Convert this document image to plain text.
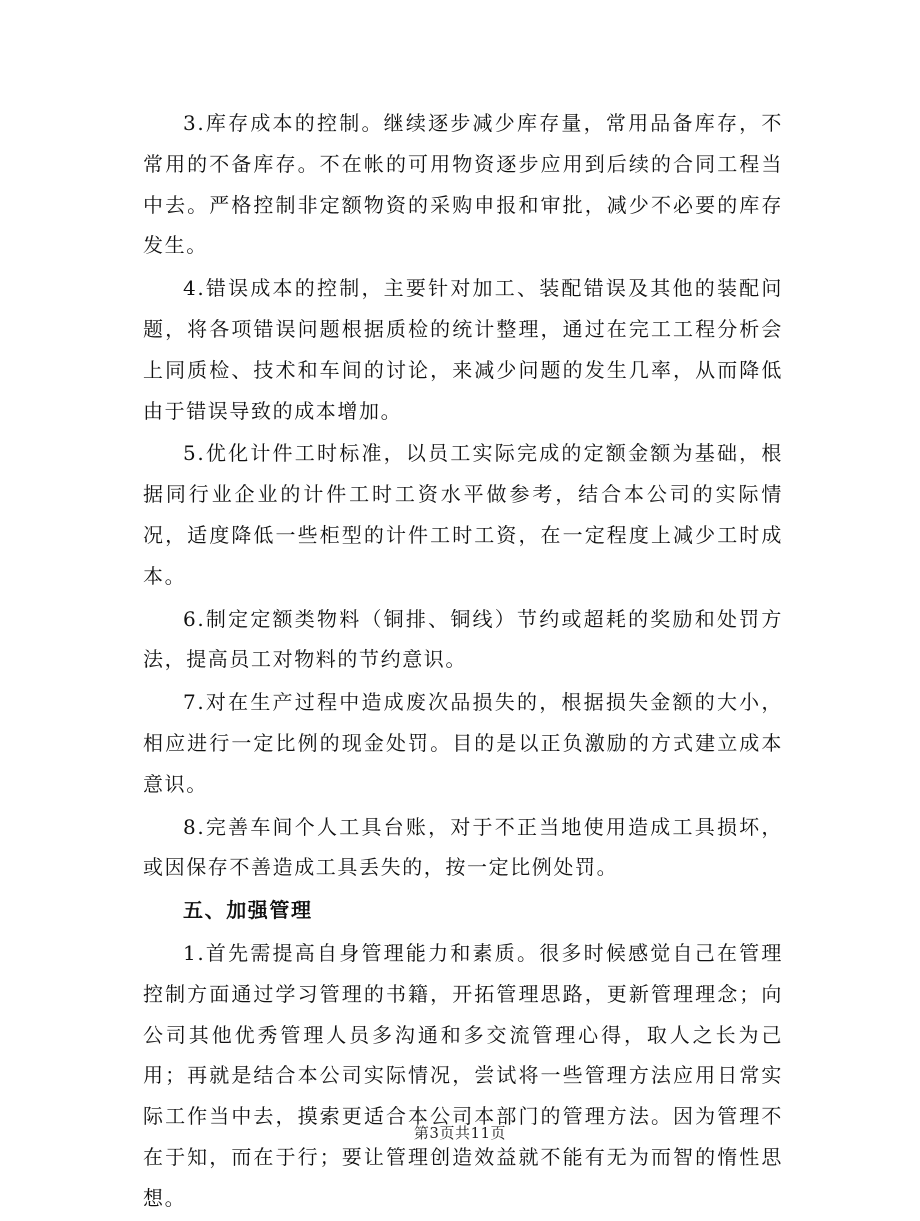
3.库存成本的控制。继续逐步减少库存量，常用品备库存，不常用的不备库存。不在帐的可用物资逐步应用到后续的合同工程当中去。严格控制非定额物资的采购申报和审批，减少不必要的库存发生。

4.错误成本的控制，主要针对加工、装配错误及其他的装配问题，将各项错误问题根据质检的统计整理，通过在完工工程分析会上同质检、技术和车间的讨论，来减少问题的发生几率，从而降低由于错误导致的成本增加。

5.优化计件工时标准，以员工实际完成的定额金额为基础，根据同行业企业的计件工时工资水平做参考，结合本公司的实际情况，适度降低一些柜型的计件工时工资，在一定程度上减少工时成本。

6.制定定额类物料（铜排、铜线）节约或超耗的奖励和处罚方法，提高员工对物料的节约意识。

7.对在生产过程中造成废次品损失的，根据损失金额的大小，相应进行一定比例的现金处罚。目的是以正负激励的方式建立成本意识。

8.完善车间个人工具台账，对于不正当地使用造成工具损坏，或因保存不善造成工具丢失的，按一定比例处罚。

五、加强管理

1.首先需提高自身管理能力和素质。很多时候感觉自己在管理控制方面通过学习管理的书籍，开拓管理思路，更新管理理念；向公司其他优秀管理人员多沟通和多交流管理心得，取人之长为己用；再就是结合本公司实际情况，尝试将一些管理方法应用日常实际工作当中去，摸索更适合本公司本部门的管理方法。因为管理不在于知，而在于行；要让管理创造效益就不能有无为而智的惰性思想。

第3页共11页
